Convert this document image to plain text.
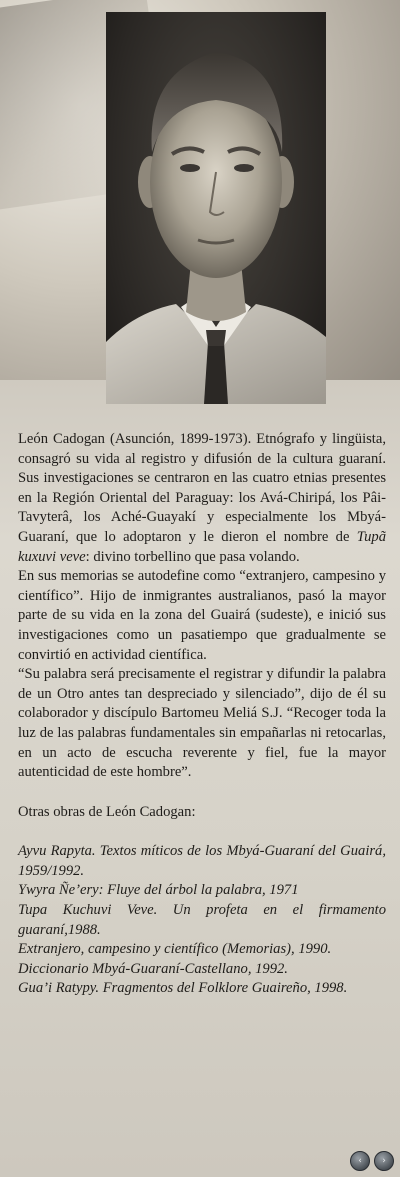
León Cadogan (Asunción, 1899-1973). Etnógrafo y lingüista, consagró su vida al registro y difusión de la cultura guaraní. Sus investigaciones se centraron en las cuatro etnias presentes en la Región Oriental del Paraguay: los Avá-Chiripá, los Pâi-Tavyterâ, los Aché-Guayakí y especialmente los Mbyá-Guaraní, que lo adoptaron y le dieron el nombre de Tupã kuxuvi veve: divino torbellino que pasa volando.

En sus memorias se autodefine como “extranjero, campesino y científico”. Hijo de inmigrantes australianos, pasó la mayor parte de su vida en la zona del Guairá (sudeste), e inició sus investigaciones como un pasatiempo que gradualmente se convirtió en actividad científica.

“Su palabra será precisamente el registrar y difundir la palabra de un Otro antes tan despreciado y silenciado”, dijo de él su colaborador y discípulo Bartomeu Meliá S.J. “Recoger toda la luz de las palabras fundamentales sin empañarlas ni retocarlas, en un acto de escucha reverente y fiel, fue la mayor autenticidad de este hombre”.

Otras obras de León Cadogan:

Ayvu Rapyta. Textos míticos de los Mbyá-Guaraní del Guairá, 1959/1992.
Ywyra Ñe’ery: Fluye del árbol la palabra, 1971
Tupa Kuchuvi Veve. Un profeta en el firmamento guaraní,1988.
Extranjero, campesino y científico (Memorias), 1990.
Diccionario Mbyá-Guaraní-Castellano, 1992.
Gua’i Ratypy. Fragmentos del Folklore Guaireño, 1998.
‹	›
